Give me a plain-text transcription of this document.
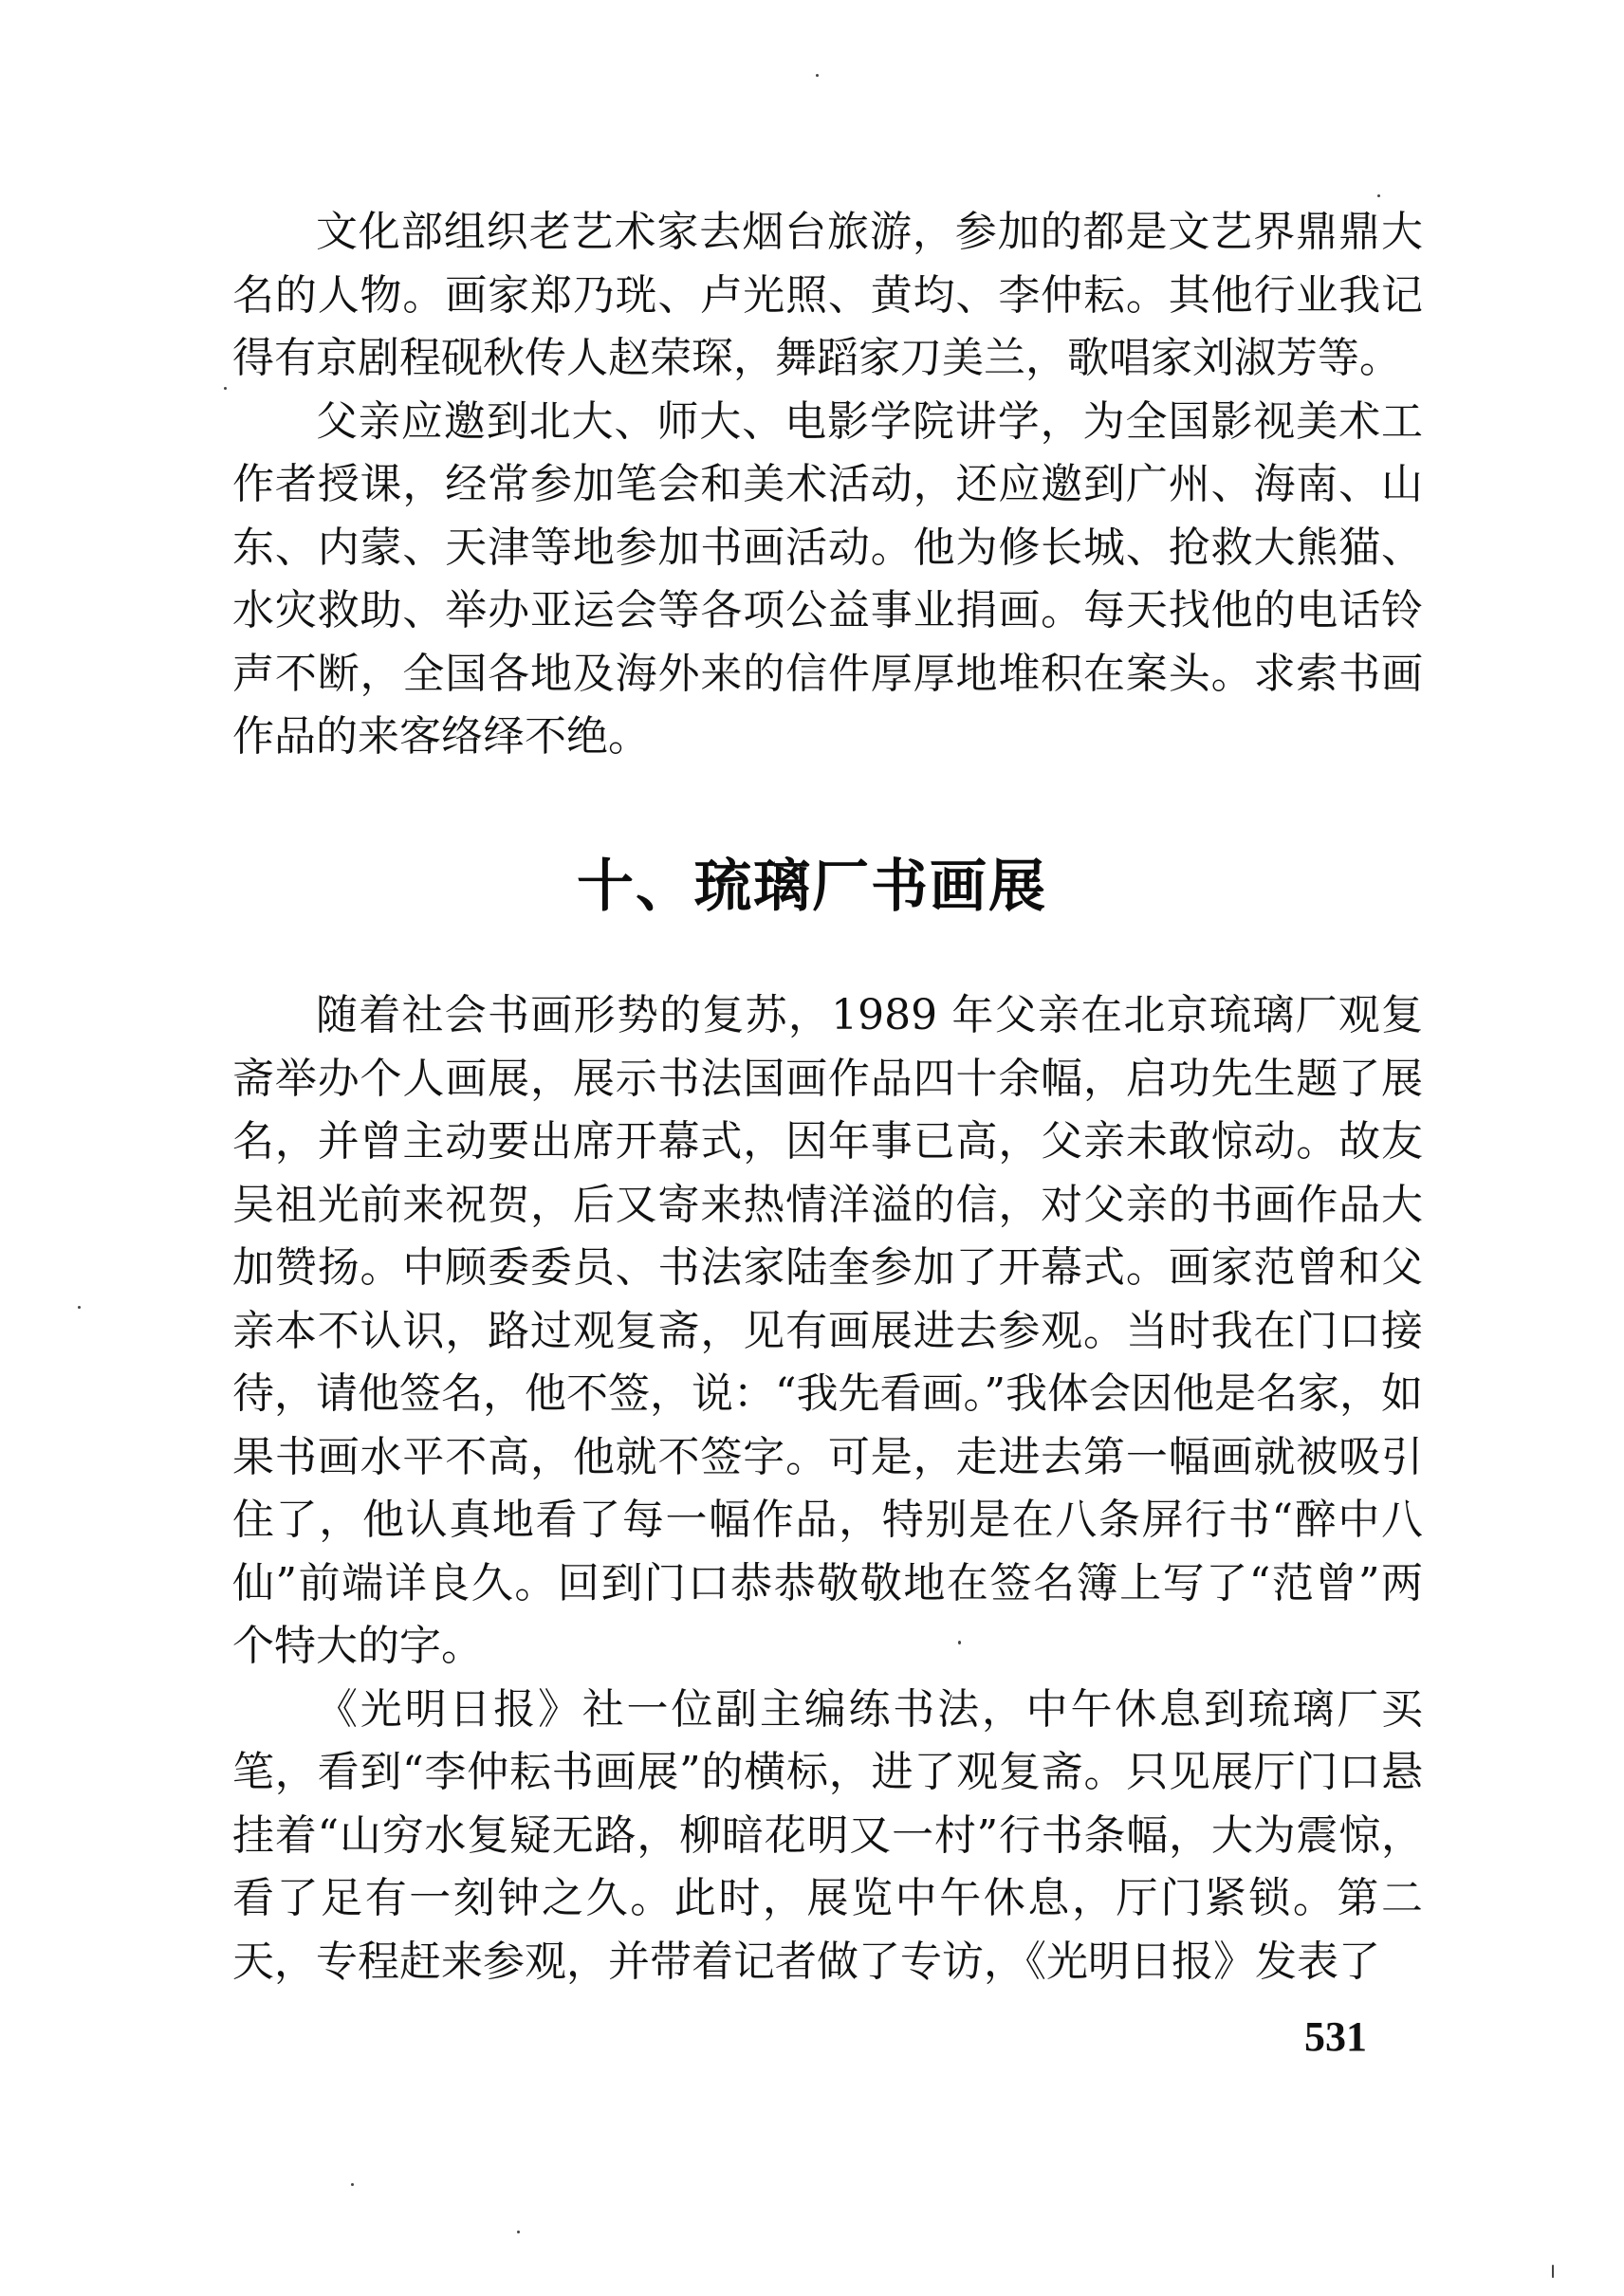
文化部组织老艺术家去烟台旅游，参加的都是文艺界鼎鼎大名的人物。画家郑乃珖、卢光照、黄均、李仲耘。其他行业我记得有京剧程砚秋传人赵荣琛，舞蹈家刀美兰，歌唱家刘淑芳等。

父亲应邀到北大、师大、电影学院讲学，为全国影视美术工作者授课，经常参加笔会和美术活动，还应邀到广州、海南、山东、内蒙、天津等地参加书画活动。他为修长城、抢救大熊猫、水灾救助、举办亚运会等各项公益事业捐画。每天找他的电话铃声不断，全国各地及海外来的信件厚厚地堆积在案头。求索书画作品的来客络绎不绝。

十、琉璃厂书画展

随着社会书画形势的复苏，1989 年父亲在北京琉璃厂观复斋举办个人画展，展示书法国画作品四十余幅，启功先生题了展名，并曾主动要出席开幕式，因年事已高，父亲未敢惊动。故友吴祖光前来祝贺，后又寄来热情洋溢的信，对父亲的书画作品大加赞扬。中顾委委员、书法家陆奎参加了开幕式。画家范曾和父亲本不认识，路过观复斋，见有画展进去参观。当时我在门口接待，请他签名，他不签，说：“我先看画。”我体会因他是名家，如果书画水平不高，他就不签字。可是，走进去第一幅画就被吸引住了，他认真地看了每一幅作品，特别是在八条屏行书“醉中八仙”前端详良久。回到门口恭恭敬敬地在签名簿上写了“范曾”两个特大的字。

《光明日报》社一位副主编练书法，中午休息到琉璃厂买笔，看到“李仲耘书画展”的横标，进了观复斋。只见展厅门口悬挂着“山穷水复疑无路，柳暗花明又一村”行书条幅，大为震惊，看了足有一刻钟之久。此时，展览中午休息，厅门紧锁。第二天，专程赶来参观，并带着记者做了专访，《光明日报》发表了

531
